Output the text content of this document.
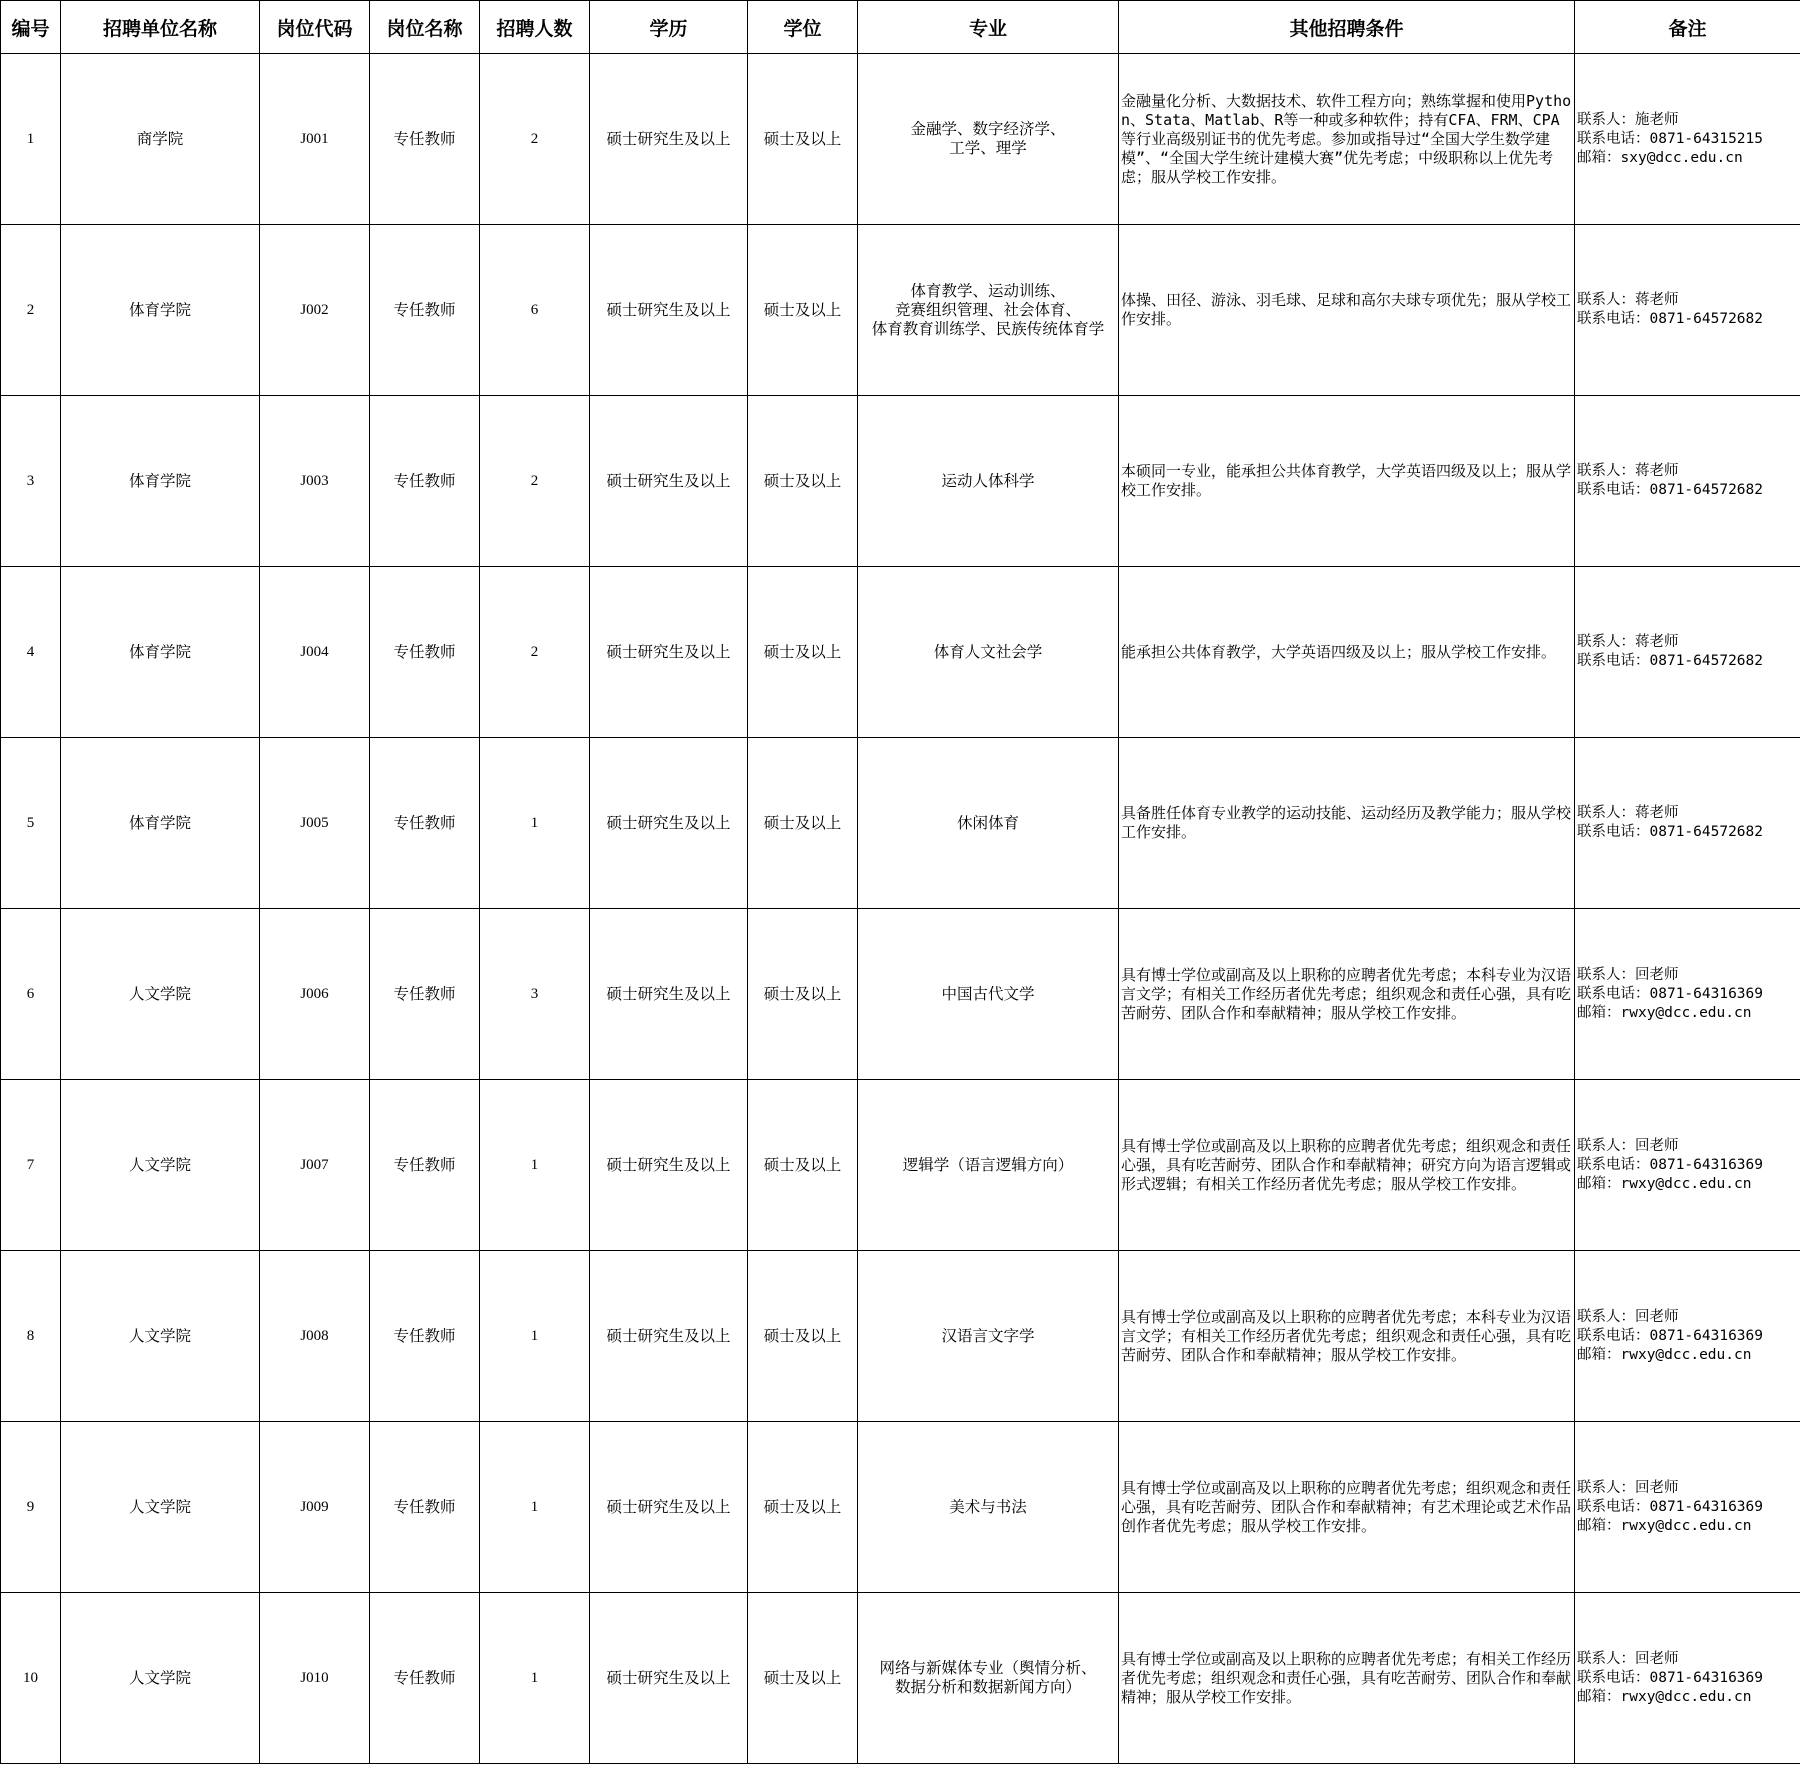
编号	招聘单位名称	岗位代码	岗位名称	招聘人数	学历	学位	专业	其他招聘条件	备注
1	商学院	J001	专任教师	2	硕士研究生及以上	硕士及以上	金融学、数字经济学、
工学、理学	金融量化分析、大数据技术、软件工程方向；熟练掌握和使用Python、Stata、Matlab、R等一种或多种软件；持有CFA、FRM、CPA等行业高级别证书的优先考虑。参加或指导过“全国大学生数学建模”、“全国大学生统计建模大赛”优先考虑；中级职称以上优先考虑；服从学校工作安排。	联系人：施老师
联系电话：0871-64315215
邮箱：sxy@dcc.edu.cn
2	体育学院	J002	专任教师	6	硕士研究生及以上	硕士及以上	体育教学、运动训练、
竞赛组织管理、社会体育、
体育教育训练学、民族传统体育学	体操、田径、游泳、羽毛球、足球和高尔夫球专项优先；服从学校工作安排。	联系人：蒋老师
联系电话：0871-64572682
3	体育学院	J003	专任教师	2	硕士研究生及以上	硕士及以上	运动人体科学	本硕同一专业，能承担公共体育教学，大学英语四级及以上；服从学校工作安排。	联系人：蒋老师
联系电话：0871-64572682
4	体育学院	J004	专任教师	2	硕士研究生及以上	硕士及以上	体育人文社会学	能承担公共体育教学，大学英语四级及以上；服从学校工作安排。	联系人：蒋老师
联系电话：0871-64572682
5	体育学院	J005	专任教师	1	硕士研究生及以上	硕士及以上	休闲体育	具备胜任体育专业教学的运动技能、运动经历及教学能力；服从学校工作安排。	联系人：蒋老师
联系电话：0871-64572682
6	人文学院	J006	专任教师	3	硕士研究生及以上	硕士及以上	中国古代文学	具有博士学位或副高及以上职称的应聘者优先考虑；本科专业为汉语言文学；有相关工作经历者优先考虑；组织观念和责任心强，具有吃苦耐劳、团队合作和奉献精神；服从学校工作安排。	联系人：回老师
联系电话：0871-64316369
邮箱：rwxy@dcc.edu.cn
7	人文学院	J007	专任教师	1	硕士研究生及以上	硕士及以上	逻辑学（语言逻辑方向）	具有博士学位或副高及以上职称的应聘者优先考虑；组织观念和责任心强，具有吃苦耐劳、团队合作和奉献精神；研究方向为语言逻辑或形式逻辑；有相关工作经历者优先考虑；服从学校工作安排。	联系人：回老师
联系电话：0871-64316369
邮箱：rwxy@dcc.edu.cn
8	人文学院	J008	专任教师	1	硕士研究生及以上	硕士及以上	汉语言文字学	具有博士学位或副高及以上职称的应聘者优先考虑；本科专业为汉语言文学；有相关工作经历者优先考虑；组织观念和责任心强，具有吃苦耐劳、团队合作和奉献精神；服从学校工作安排。	联系人：回老师
联系电话：0871-64316369
邮箱：rwxy@dcc.edu.cn
9	人文学院	J009	专任教师	1	硕士研究生及以上	硕士及以上	美术与书法	具有博士学位或副高及以上职称的应聘者优先考虑；组织观念和责任心强，具有吃苦耐劳、团队合作和奉献精神；有艺术理论或艺术作品创作者优先考虑；服从学校工作安排。	联系人：回老师
联系电话：0871-64316369
邮箱：rwxy@dcc.edu.cn
10	人文学院	J010	专任教师	1	硕士研究生及以上	硕士及以上	网络与新媒体专业（舆情分析、
数据分析和数据新闻方向）	具有博士学位或副高及以上职称的应聘者优先考虑；有相关工作经历者优先考虑；组织观念和责任心强，具有吃苦耐劳、团队合作和奉献精神；服从学校工作安排。	联系人：回老师
联系电话：0871-64316369
邮箱：rwxy@dcc.edu.cn
